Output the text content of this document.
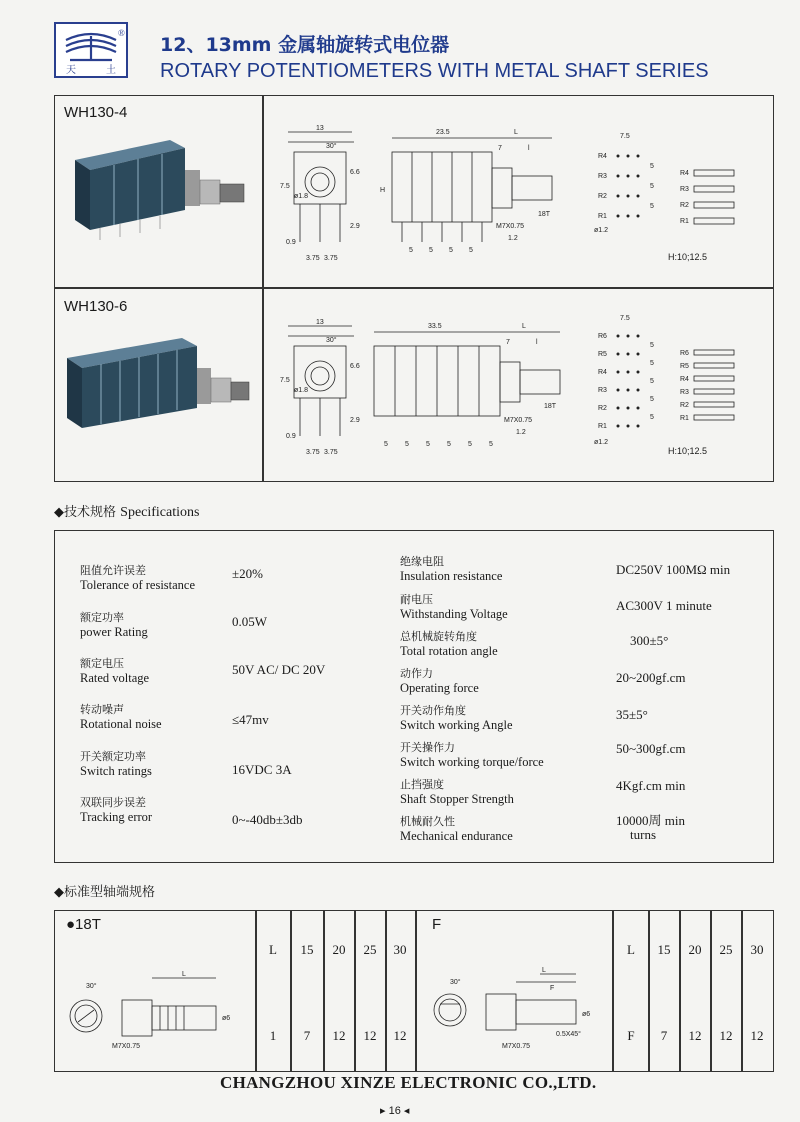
®
天	土
12、13mm 金属轴旋转式电位器
ROTARY POTENTIOMETERS WITH METAL SHAFT SERIES
WH130-4
13
30°
ø1.8
7.5
6.6
2.9
0.9
3.75 3.75
23.5	L
7	l
H
M7X0.75
18T
1.2
5 5 5 5
7.5
R4
R3
R2
R1
5
5
5
ø1.2
R4
R3
R2
R1
H:10;12.5
WH130-6
13
30°
ø1.8
7.5
6.6
2.9
0.9
3.75 3.75
33.5	L
7	l
M7X0.75
18T
1.2
5 5 5 5 5 5
7.5
R6
R5
R4
R3
R2
R1
5
5
5
5
5
ø1.2
R6
R5
R4
R3
R2
R1
H:10;12.5
◆技术规格 Specifications
阻值允许误差
Tolerance of resistance
±20%
额定功率
power Rating
0.05W
额定电压
Rated voltage
50V AC/ DC 20V
转动噪声
Rotational noise	≤47mv
开关额定功率
Switch ratings	16VDC 3A
双联同步误差
Tracking error	0~-40db±3db
绝缘电阻
Insulation resistance	DC250V 100MΩ min
耐电压
Withstanding Voltage
AC300V 1 minute
总机械旋转角度
Total rotation angle
300±5°
动作力
Operating force
20~200gf.cm
开关动作角度
Switch working Angle
35±5°
开关操作力
Switch working torque/force
50~300gf.cm
止挡强度
Shaft Stopper Strength
4Kgf.cm min
机械耐久性
Mechanical endurance
10000周 min
turns
◆标准型轴端规格
●18T
30°
L
M7X0.75
ø6
L	15	20	25	30
1	7	12	12	12
F
30°
L
F
M7X0.75
0.5X45°
ø6
L	15	20	25	30
F	7	12	12	12
CHANGZHOU XINZE ELECTRONIC CO.,LTD.
▸ 16 ◂
